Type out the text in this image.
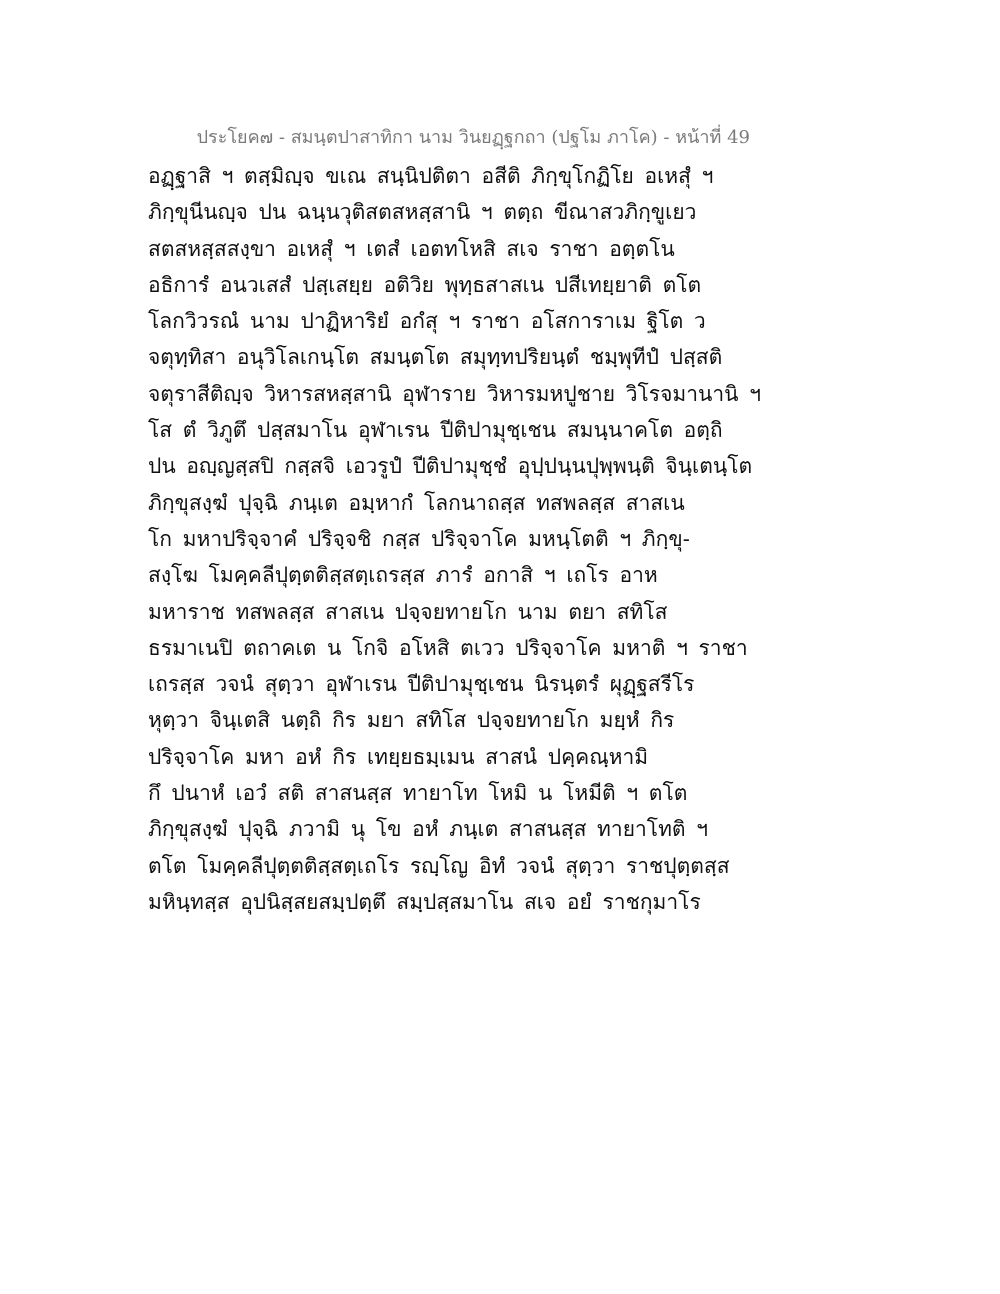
ประโยค๗ - สมนฺตปาสาทิกา นาม วินยฏฺฐกถา (ปฐโม ภาโค) - หน้าที่ 49
ิอฏฺฐาสิ ฯ ตสฺมิญฺจ ขเณ สนฺนิปติตา อสีติ ภิกฺขุโกฏิโย อเหสุํ ฯ
ภิกฺขุนีนญฺจ ปน ฉนฺนวุติสตสหสฺสานิ ฯ ตตฺถ ขีณาสวภิกฺขูเยว
สตสหสฺสสงฺขา อเหสุํ ฯ เตสํ เอตทโหสิ สเจ ราชา อตฺตโน
อธิการํ อนวเสสํ ปสฺเสยฺย อติวิย พุทฺธสาสเน ปสีเทยฺยาติ ตโต
โลกวิวรณํ นาม ปาฏิหาริยํ อกํสุ ฯ ราชา อโสการาเม ฐิโต ว
จตุทฺทิสา อนุวิโลเกนฺโต สมนฺตโต สมุทฺทปริยนฺตํ ชมฺพุทีปํ ปสฺสติ
จตุราสีติญฺจ วิหารสหสฺสานิ อุฬาราย วิหารมหปูชาย วิโรจมานานิ ฯ
โส ตํ วิภูตึ ปสฺสมาโน อุฬาเรน ปีติปามุชฺเชน สมนฺนาคโต อตฺถิ
ปน อญฺญสฺสปิ กสฺสจิ เอวรูปํ ปีติปามุชฺชํ อุปฺปนฺนปุพฺพนฺติ จินฺเตนฺโต
ภิกฺขุสงฺฆํ ปุจฺฉิ ภนฺเต อมฺหากํ โลกนาถสฺส ทสพลสฺส สาสเน
โก มหาปริจฺจาคํ ปริจฺจชิ กสฺส ปริจฺจาโค มหนฺโตติ ฯ ภิกฺขุ-
สงฺโฆ โมคฺคลีปุตฺตติสฺสตฺเถรสฺส ภารํ อกาสิ ฯ เถโร อาห
มหาราช ทสพลสฺส สาสเน ปจฺจยทายโก นาม ตยา สทิโส
ธรมาเนปิ ตถาคเต น โกจิ อโหสิ ตเวว ปริจฺจาโค มหาติ ฯ ราชา
เถรสฺส วจนํ สุตฺวา อุฬาเรน ปีติปามุชฺเชน นิรนฺตรํ ผุฏฺฐสรีโร
หุตฺวา จินฺเตสิ นตฺถิ กิร มยา สทิโส ปจฺจยทายโก มยฺหํ กิร
ปริจฺจาโค มหา อหํ กิร เทยฺยธมฺเมน สาสนํ ปคฺคณฺหามิ
กึ ปนาหํ เอวํ สติ สาสนสฺส ทายาโท โหมิ น โหมีติ ฯ ตโต
ภิกฺขุสงฺฆํ ปุจฺฉิ ภวามิ นุ โข อหํ ภนฺเต สาสนสฺส ทายาโทติ ฯ
ตโต โมคฺคลีปุตฺตติสฺสตฺเถโร รญฺโญ อิทํ วจนํ สุตฺวา ราชปุตฺตสฺส
มหินฺทสฺส อุปนิสฺสยสมฺปตฺตึ สมฺปสฺสมาโน สเจ อยํ ราชกุมาโร
